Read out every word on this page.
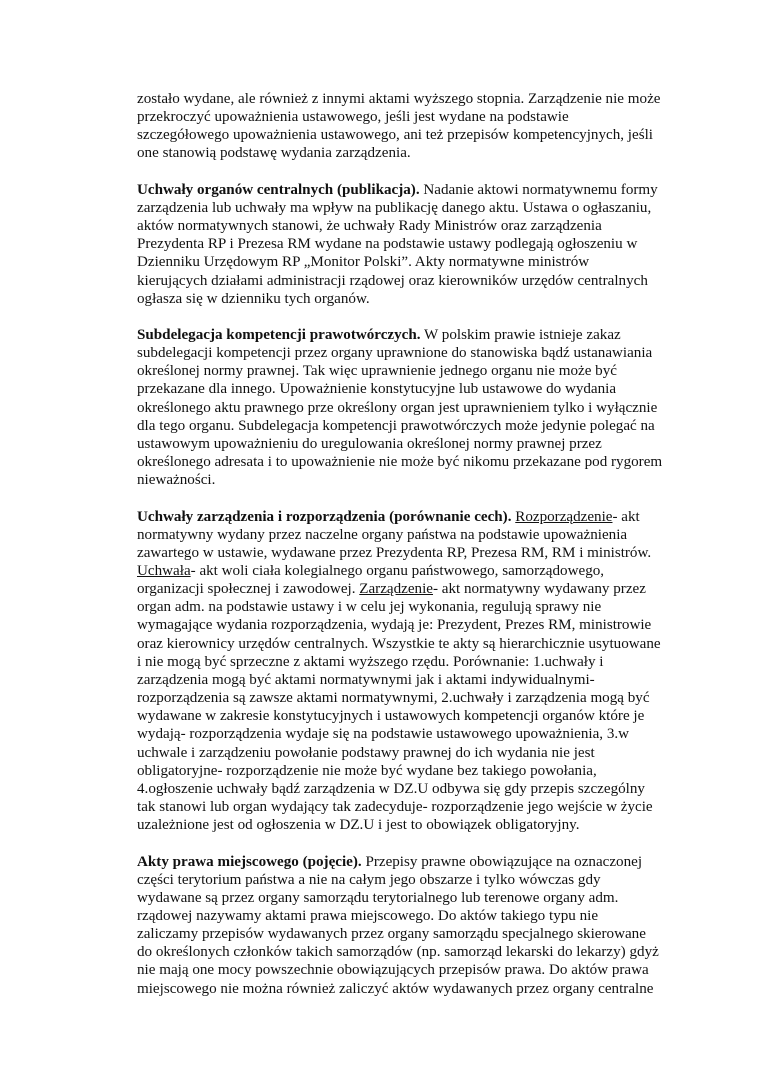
zostało wydane, ale również z innymi aktami wyższego stopnia. Zarządzenie nie może
przekroczyć upoważnienia ustawowego, jeśli jest wydane na podstawie
szczegółowego upoważnienia ustawowego, ani też przepisów kompetencyjnych, jeśli
one stanowią podstawę wydania zarządzenia.

Uchwały organów centralnych (publikacja). Nadanie aktowi normatywnemu formy
zarządzenia lub uchwały ma wpływ na publikację danego aktu. Ustawa o ogłaszaniu,
aktów normatywnych stanowi, że uchwały Rady Ministrów oraz zarządzenia
Prezydenta RP i Prezesa RM wydane na podstawie ustawy podlegają ogłoszeniu w
Dzienniku Urzędowym RP „Monitor Polski”. Akty normatywne ministrów
kierujących działami administracji rządowej oraz kierowników urzędów centralnych
ogłasza się w dzienniku tych organów.

Subdelegacja kompetencji prawotwórczych. W polskim prawie istnieje zakaz
subdelegacji kompetencji przez organy uprawnione do stanowiska bądź ustanawiania
określonej normy prawnej. Tak więc uprawnienie jednego organu nie może być
przekazane dla innego. Upoważnienie konstytucyjne lub ustawowe do wydania
określonego aktu prawnego prze określony organ jest uprawnieniem tylko i wyłącznie
dla tego organu. Subdelegacja kompetencji prawotwórczych może jedynie polegać na
ustawowym upoważnieniu do uregulowania określonej normy prawnej przez
określonego adresata i to upoważnienie nie może być nikomu przekazane pod rygorem
nieważności.

Uchwały zarządzenia i rozporządzenia (porównanie cech). Rozporządzenie- akt
normatywny wydany przez naczelne organy państwa na podstawie upoważnienia
zawartego w ustawie, wydawane przez Prezydenta RP, Prezesa RM, RM i ministrów.
Uchwała- akt woli ciała kolegialnego organu państwowego, samorządowego,
organizacji społecznej i zawodowej. Zarządzenie- akt normatywny wydawany przez
organ adm. na podstawie ustawy i w celu jej wykonania, regulują sprawy nie
wymagające wydania rozporządzenia, wydają je: Prezydent, Prezes RM, ministrowie
oraz kierownicy urzędów centralnych. Wszystkie te akty są hierarchicznie usytuowane
i nie mogą być sprzeczne z aktami wyższego rzędu. Porównanie: 1.uchwały i
zarządzenia mogą być aktami normatywnymi jak i aktami indywidualnymi-
rozporządzenia są zawsze aktami normatywnymi, 2.uchwały i zarządzenia mogą być
wydawane w zakresie konstytucyjnych i ustawowych kompetencji organów które je
wydają- rozporządzenia wydaje się na podstawie ustawowego upoważnienia, 3.w
uchwale i zarządzeniu powołanie podstawy prawnej do ich wydania nie jest
obligatoryjne- rozporządzenie nie może być wydane bez takiego powołania,
4.ogłoszenie uchwały bądź zarządzenia w DZ.U odbywa się gdy przepis szczególny
tak stanowi lub organ wydający tak zadecyduje- rozporządzenie jego wejście w życie
uzależnione jest od ogłoszenia w DZ.U i jest to obowiązek obligatoryjny.

Akty prawa miejscowego (pojęcie). Przepisy prawne obowiązujące na oznaczonej
części terytorium państwa a nie na całym jego obszarze i tylko wówczas gdy
wydawane są przez organy samorządu terytorialnego lub terenowe organy adm.
rządowej nazywamy aktami prawa miejscowego. Do aktów takiego typu nie
zaliczamy przepisów wydawanych przez organy samorządu specjalnego skierowane
do określonych członków takich samorządów (np. samorząd lekarski do lekarzy) gdyż
nie mają one mocy powszechnie obowiązujących przepisów prawa. Do aktów prawa
miejscowego nie można również zaliczyć aktów wydawanych przez organy centralne
